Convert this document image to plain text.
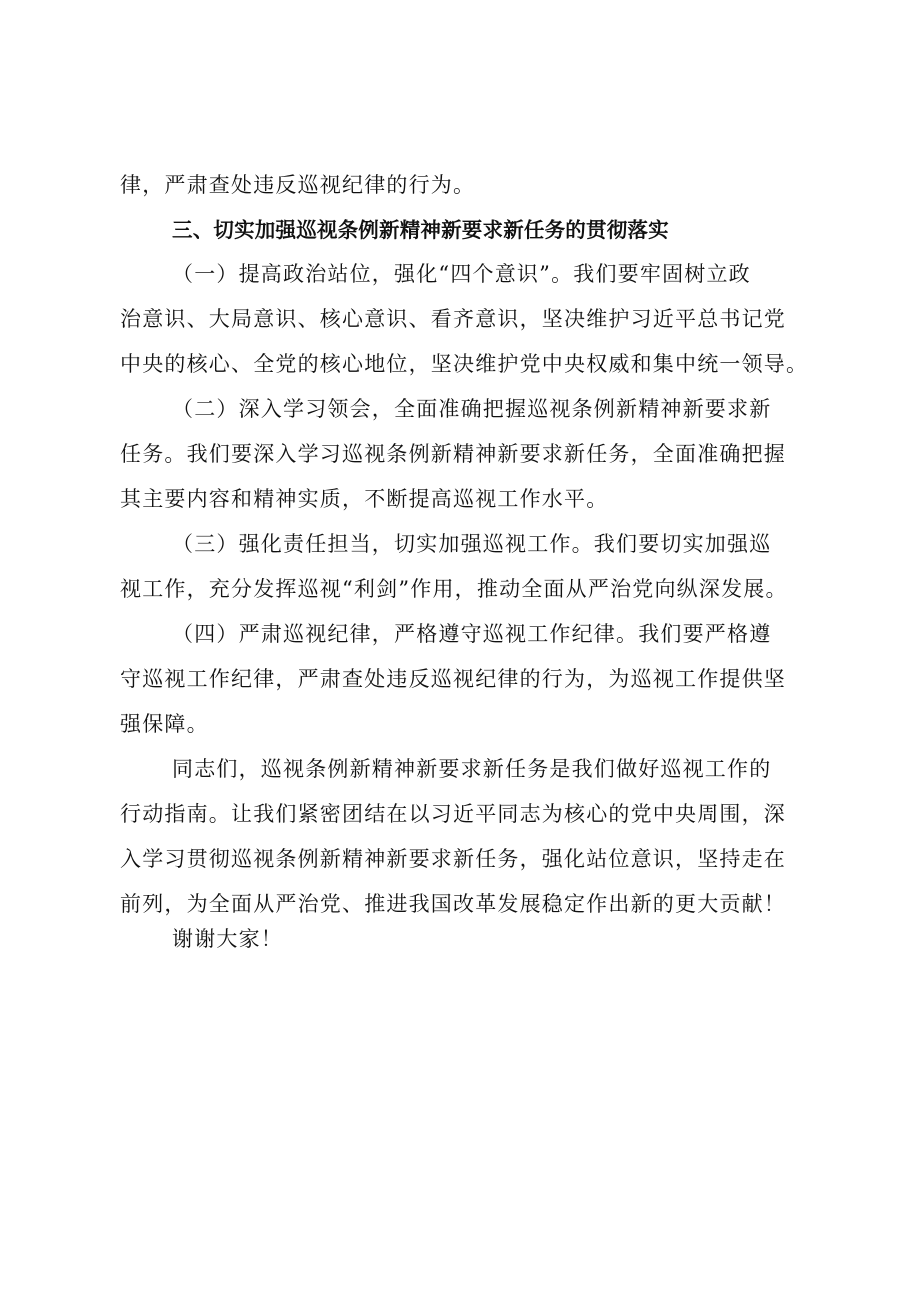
律，严肃查处违反巡视纪律的行为。

三、切实加强巡视条例新精神新要求新任务的贯彻落实

（一）提高政治站位，强化“四个意识”。我们要牢固树立政
治意识、大局意识、核心意识、看齐意识，坚决维护习近平总书记党
中央的核心、全党的核心地位，坚决维护党中央权威和集中统一领导。
（二）深入学习领会，全面准确把握巡视条例新精神新要求新
任务。我们要深入学习巡视条例新精神新要求新任务，全面准确把握
其主要内容和精神实质，不断提高巡视工作水平。
（三）强化责任担当，切实加强巡视工作。我们要切实加强巡
视工作，充分发挥巡视“利剑”作用，推动全面从严治党向纵深发展。
（四）严肃巡视纪律，严格遵守巡视工作纪律。我们要严格遵
守巡视工作纪律，严肃查处违反巡视纪律的行为，为巡视工作提供坚
强保障。
同志们，巡视条例新精神新要求新任务是我们做好巡视工作的
行动指南。让我们紧密团结在以习近平同志为核心的党中央周围，深
入学习贯彻巡视条例新精神新要求新任务，强化站位意识，坚持走在
前列，为全面从严治党、推进我国改革发展稳定作出新的更大贡献！

谢谢大家！
